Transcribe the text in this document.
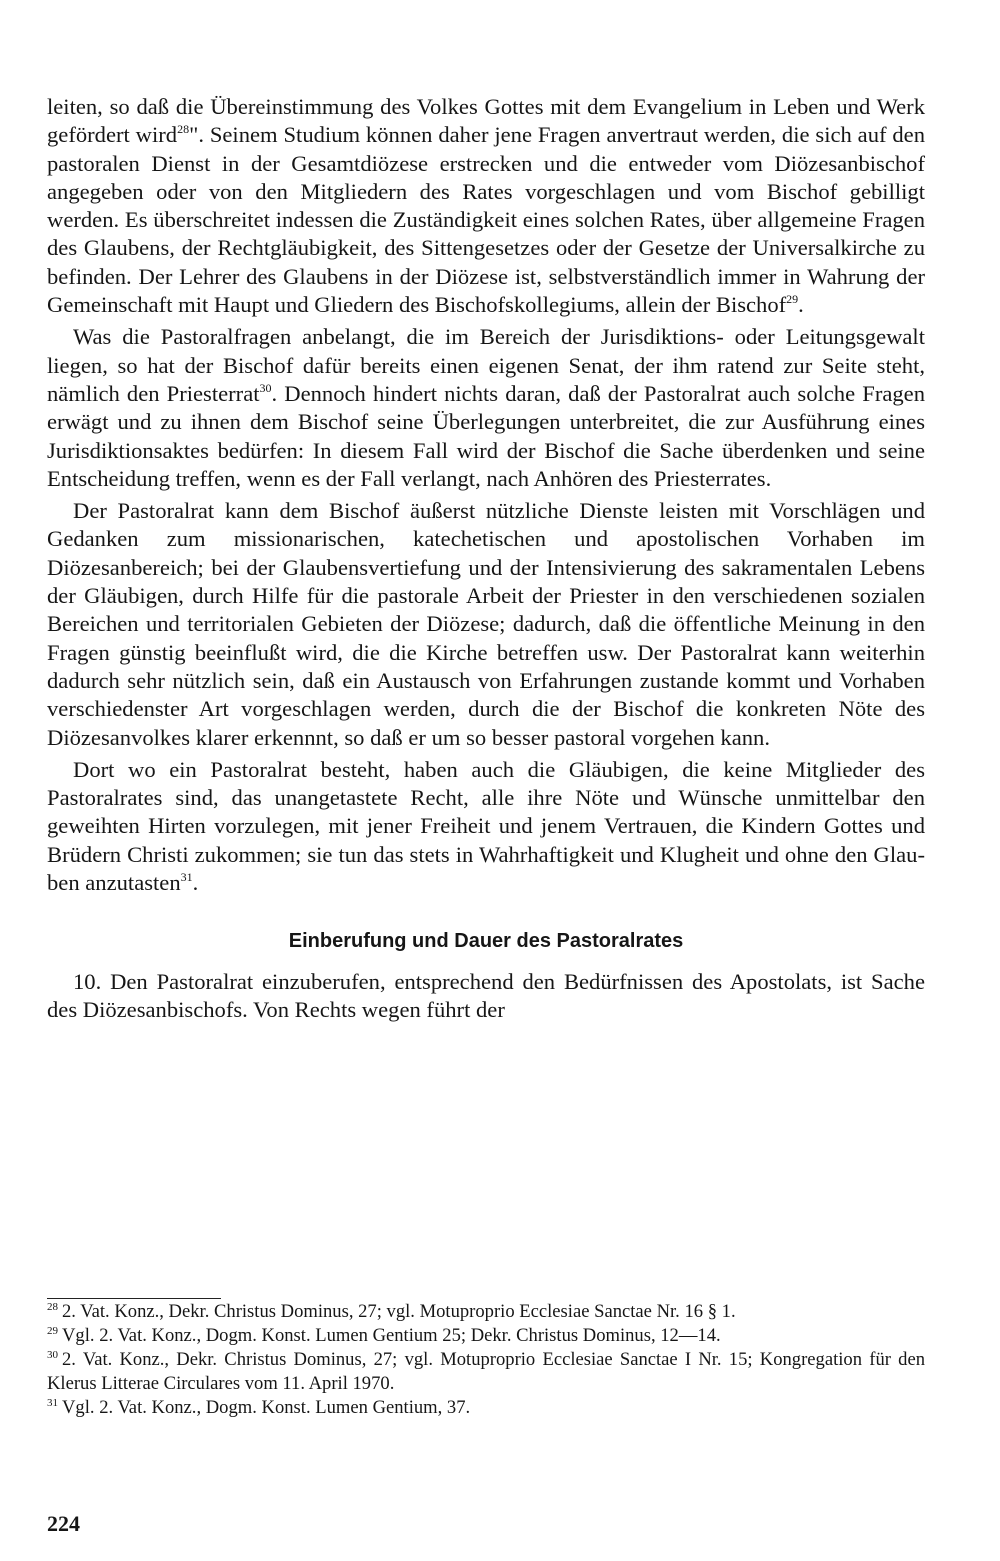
leiten, so daß die Übereinstimmung des Volkes Gottes mit dem Evangelium in Leben und Werk gefördert wird$^{28}$". Seinem Studium können daher jene Fragen anvertraut werden, die sich auf den pastoralen Dienst in der Gesamtdiözese erstrecken und die entweder vom Diözesanbischof angegeben oder von den Mitgliedern des Rates vorgeschlagen und vom Bischof gebilligt werden. Es überschreitet indessen die Zuständigkeit eines solchen Rates, über allgemeine Fragen des Glaubens, der Rechtgläubigkeit, des Sittengesetzes oder der Gesetze der Universalkirche zu befinden. Der Lehrer des Glaubens in der Diözese ist, selbstverständlich immer in Wahrung der Gemeinschaft mit Haupt und Gliedern des Bischofskollegiums, allein der Bischof$^{29}$.

Was die Pastoralfragen anbelangt, die im Bereich der Jurisdiktions- oder Leitungsgewalt liegen, so hat der Bischof dafür bereits einen eigenen Senat, der ihm ratend zur Seite steht, nämlich den Priesterrat$^{30}$. Dennoch hindert nichts daran, daß der Pastoralrat auch solche Fragen erwägt und zu ihnen dem Bischof seine Überlegungen unterbreitet, die zur Ausführung eines Jurisdiktionsaktes bedürfen: In diesem Fall wird der Bischof die Sache überdenken und seine Entscheidung treffen, wenn es der Fall verlangt, nach Anhören des Priesterrates.

Der Pastoralrat kann dem Bischof äußerst nützliche Dienste leisten mit Vorschlägen und Gedanken zum missionarischen, katechetischen und apostolischen Vorhaben im Diözesanbereich; bei der Glaubensvertiefung und der Intensivierung des sakramentalen Lebens der Gläubigen, durch Hilfe für die pastorale Arbeit der Priester in den verschiedenen sozialen Bereichen und territorialen Gebieten der Diözese; dadurch, daß die öffentliche Meinung in den Fragen günstig beeinflußt wird, die die Kirche betreffen usw. Der Pastoralrat kann weiterhin dadurch sehr nützlich sein, daß ein Austausch von Erfahrungen zustande kommt und Vorhaben verschiedenster Art vorgeschlagen werden, durch die der Bischof die konkreten Nöte des Diözesanvolkes klarer erkennnt, so daß er um so besser pastoral vorgehen kann.

Dort wo ein Pastoralrat besteht, haben auch die Gläubigen, die keine Mitglieder des Pastoralrates sind, das unangetastete Recht, alle ihre Nöte und Wünsche unmittelbar den geweihten Hirten vorzulegen, mit jener Freiheit und jenem Vertrauen, die Kindern Gottes und Brüdern Christi zukommen; sie tun das stets in Wahrhaftigkeit und Klugheit und ohne den Glauben anzutasten$^{31}$.

Einberufung und Dauer des Pastoralrates

10. Den Pastoralrat einzuberufen, entsprechend den Bedürfnissen des Apostolats, ist Sache des Diözesanbischofs. Von Rechts wegen führt der

$^{28}$ 2. Vat. Konz., Dekr. Christus Dominus, 27; vgl. Motuproprio Ecclesiae Sanctae Nr. 16 § 1.

$^{29}$ Vgl. 2. Vat. Konz., Dogm. Konst. Lumen Gentium 25; Dekr. Christus Dominus, 12—14.

$^{30}$ 2. Vat. Konz., Dekr. Christus Dominus, 27; vgl. Motuproprio Ecclesiae Sanctae I Nr. 15; Kongregation für den Klerus Litterae Circulares vom 11. April 1970.

$^{31}$ Vgl. 2. Vat. Konz., Dogm. Konst. Lumen Gentium, 37.

224
